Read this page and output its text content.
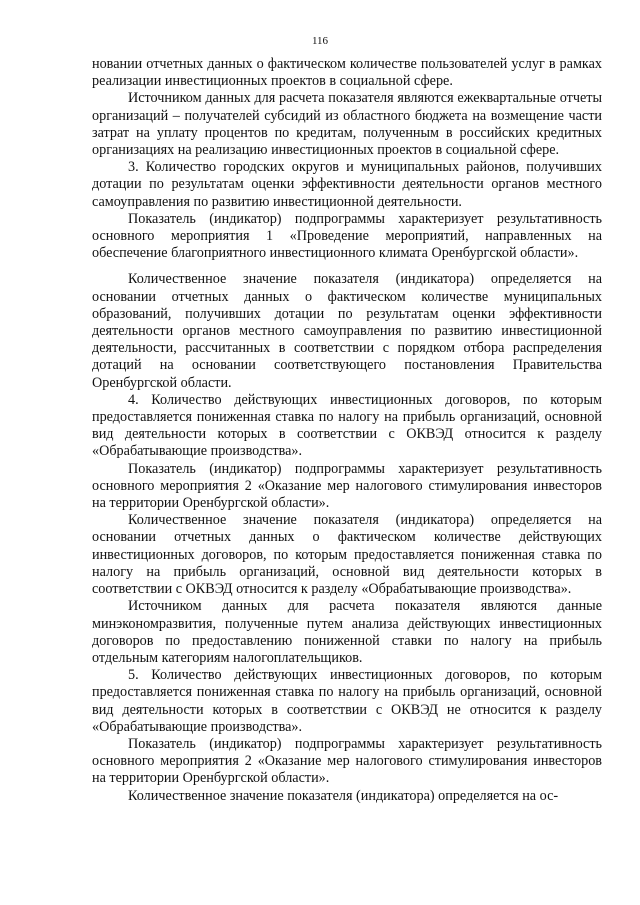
116

новании отчетных данных о фактическом количестве пользователей услуг в рамках реализации инвестиционных проектов в социальной сфере.

Источником данных для расчета показателя являются ежеквартальные отчеты организаций – получателей субсидий из областного бюджета на возмещение части затрат на уплату процентов по кредитам, полученным в российских кредитных организациях на реализацию инвестиционных проектов в социальной сфере.

3. Количество городских округов и муниципальных районов, получивших дотации по результатам оценки эффективности деятельности органов местного самоуправления по развитию инвестиционной деятельности.

Показатель (индикатор) подпрограммы характеризует результативность основного мероприятия 1 «Проведение мероприятий, направленных на обеспечение благоприятного инвестиционного климата Оренбургской области».

Количественное значение показателя (индикатора) определяется на основании отчетных данных о фактическом количестве муниципальных образований, получивших дотации по результатам оценки эффективности деятельности органов местного самоуправления по развитию инвестиционной деятельности, рассчитанных в соответствии с порядком отбора распределения дотаций на основании соответствующего постановления Правительства Оренбургской области.

4. Количество действующих инвестиционных договоров, по которым предоставляется пониженная ставка по налогу на прибыль организаций, основной вид деятельности которых в соответствии с ОКВЭД относится к разделу «Обрабатывающие производства».

Показатель (индикатор) подпрограммы характеризует результативность основного мероприятия 2 «Оказание мер налогового стимулирования инвесторов на территории Оренбургской области».

Количественное значение показателя (индикатора) определяется на основании отчетных данных о фактическом количестве действующих инвестиционных договоров, по которым предоставляется пониженная ставка по налогу на прибыль организаций, основной вид деятельности которых в соответствии с ОКВЭД относится к разделу «Обрабатывающие производства».

Источником данных для расчета показателя являются данные минэкономразвития, полученные путем анализа действующих инвестиционных договоров по предоставлению пониженной ставки по налогу на прибыль отдельным категориям налогоплательщиков.

5. Количество действующих инвестиционных договоров, по которым предоставляется пониженная ставка по налогу на прибыль организаций, основной вид деятельности которых в соответствии с ОКВЭД не относится к разделу «Обрабатывающие производства».

Показатель (индикатор) подпрограммы характеризует результативность основного мероприятия 2 «Оказание мер налогового стимулирования инвесторов на территории Оренбургской области».

Количественное значение показателя (индикатора) определяется на ос-
